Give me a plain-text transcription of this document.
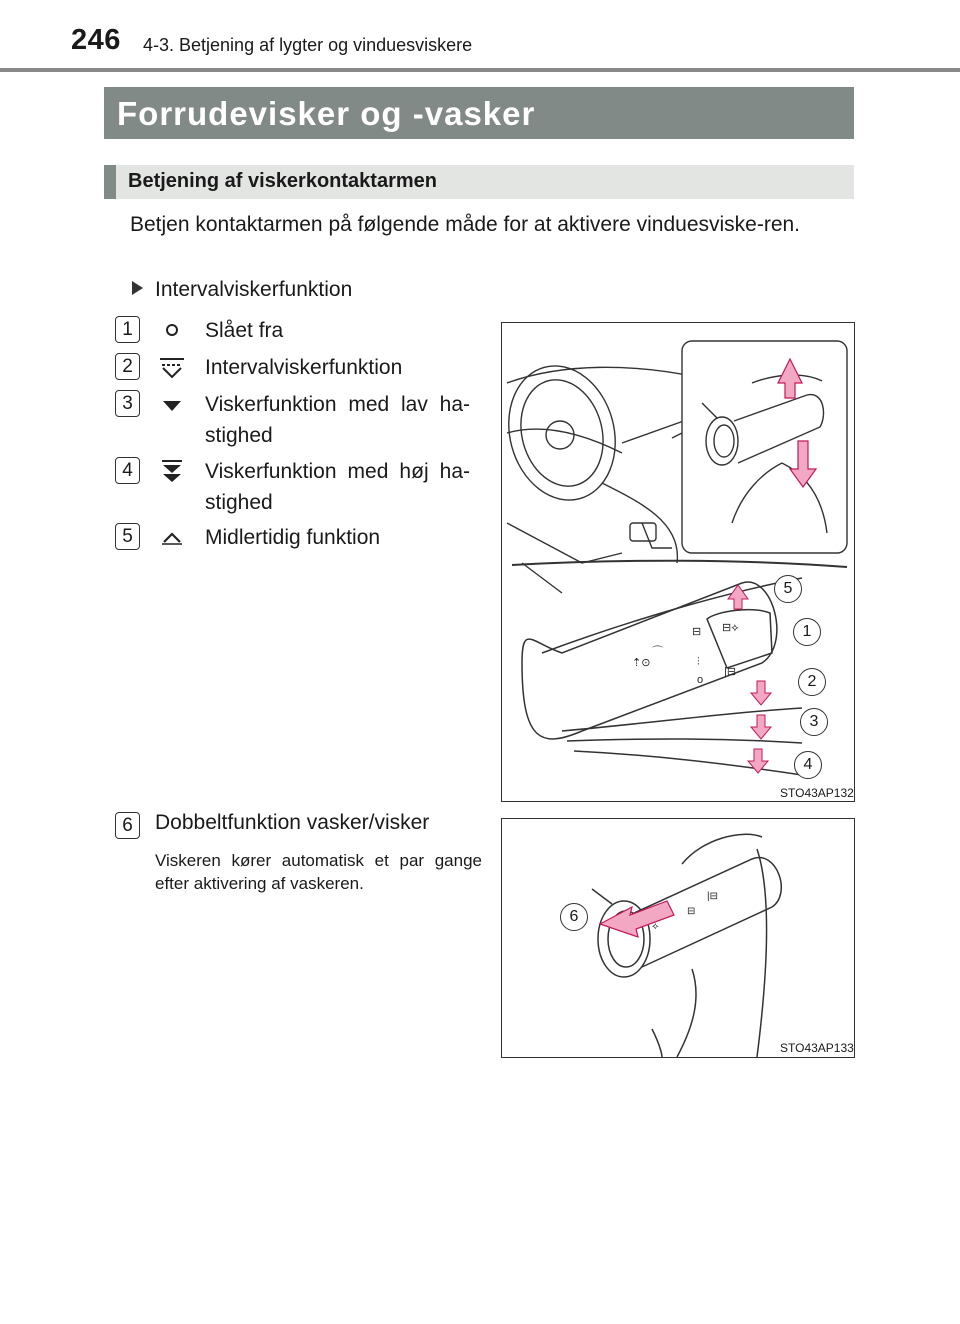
246 4-3. Betjening af lygter og vinduesviskere
Forrudevisker og -vasker
Betjening af viskerkontaktarmen
Betjen kontaktarmen på følgende måde for at aktivere vinduesviske-ren.
Intervalviskerfunktion
1	Slået fra
2	Intervalviskerfunktion
3	Viskerfunktion med lav ha-stighed
4	Viskerfunktion med høj ha-stighed
5	Midlertidig funktion
6	Dobbeltfunktion vasker/visker
Viskeren kører automatisk et par gange efter aktivering af vaskeren.
⊟ ⊟⟡
⌒
⇡⊙	⫶
|⊟
o
5
1
2
3
4
STO43AP132
⊟
⟡
|⊟
6
STO43AP133
